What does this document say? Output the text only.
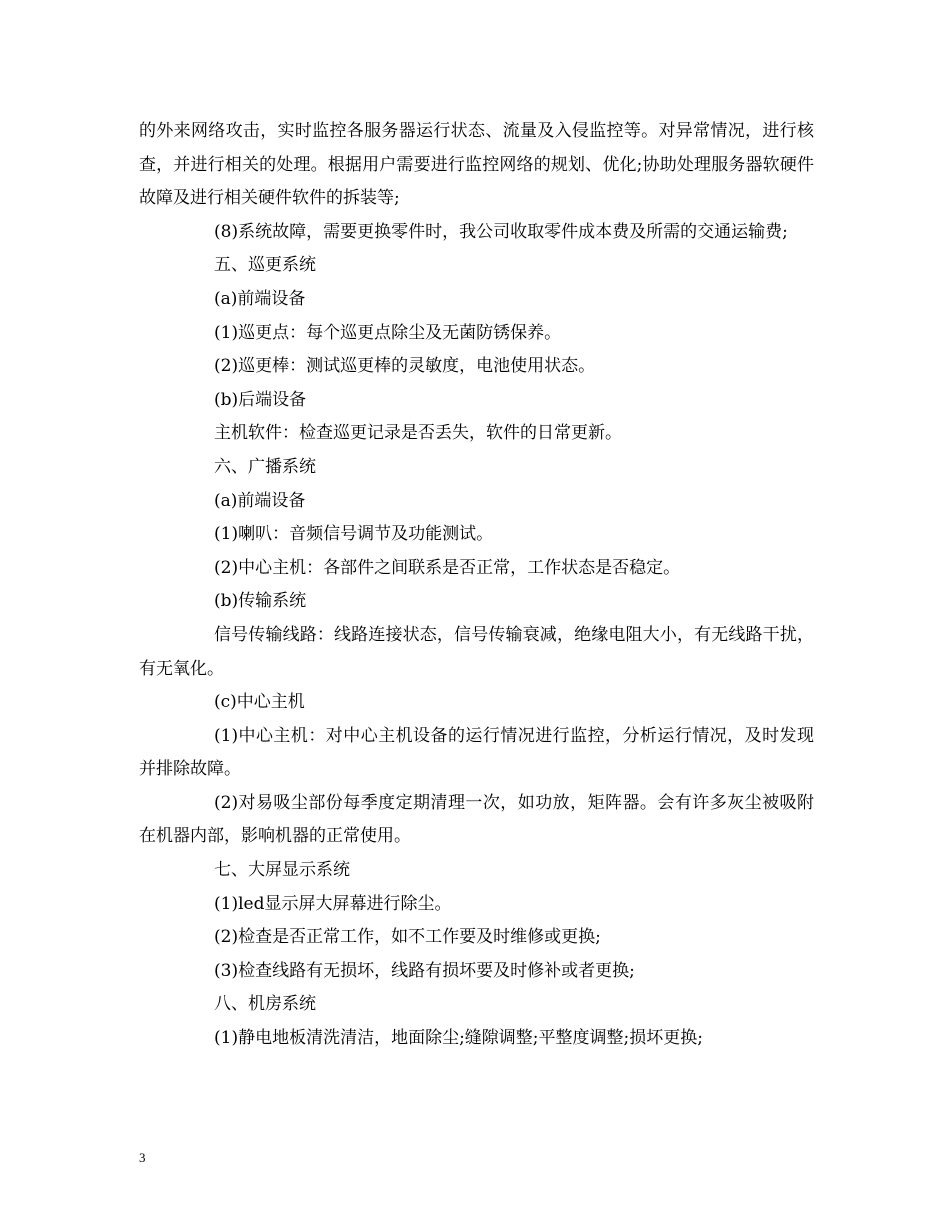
的外来网络攻击，实时监控各服务器运行状态、流量及入侵监控等。对异常情况，进行核查，并进行相关的处理。根据用户需要进行监控网络的规划、优化;协助处理服务器软硬件故障及进行相关硬件软件的拆装等;

(8)系统故障，需要更换零件时，我公司收取零件成本费及所需的交通运输费;

五、巡更系统

(a)前端设备

(1)巡更点：每个巡更点除尘及无菌防锈保养。

(2)巡更棒：测试巡更棒的灵敏度，电池使用状态。

(b)后端设备

主机软件：检查巡更记录是否丢失，软件的日常更新。

六、广播系统

(a)前端设备

(1)喇叭：音频信号调节及功能测试。

(2)中心主机：各部件之间联系是否正常，工作状态是否稳定。

(b)传输系统

信号传输线路：线路连接状态，信号传输衰减，绝缘电阻大小，有无线路干扰，有无氧化。

(c)中心主机

(1)中心主机：对中心主机设备的运行情况进行监控，分析运行情况，及时发现并排除故障。

(2)对易吸尘部份每季度定期清理一次，如功放，矩阵器。会有许多灰尘被吸附在机器内部，影响机器的正常使用。

七、大屏显示系统

(1)led显示屏大屏幕进行除尘。

(2)检查是否正常工作，如不工作要及时维修或更换;

(3)检查线路有无损坏，线路有损坏要及时修补或者更换;

八、机房系统

(1)静电地板清洗清洁，地面除尘;缝隙调整;平整度调整;损坏更换;

3
